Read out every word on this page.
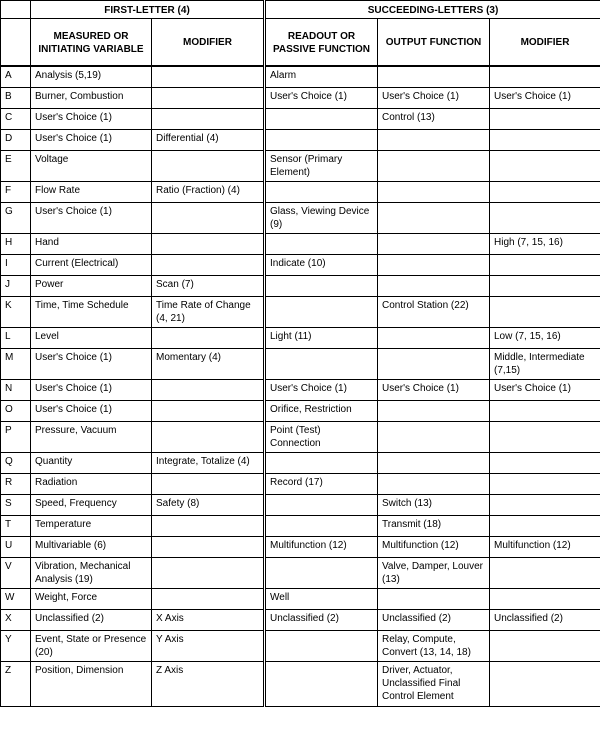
	FIRST-LETTER (4)		SUCCEEDING-LETTERS (3)		
	MEASURED OR INITIATING VARIABLE	MODIFIER	READOUT OR PASSIVE FUNCTION	OUTPUT FUNCTION	MODIFIER
A	Analysis (5,19)		Alarm		
B	Burner, Combustion		User's Choice (1)	User's Choice (1)	User's Choice (1)
C	User's Choice (1)			Control (13)	
D	User's Choice (1)	Differential (4)			
E	Voltage		Sensor (Primary Element)		
F	Flow Rate	Ratio (Fraction) (4)			
G	User's Choice (1)		Glass, Viewing Device (9)		
H	Hand				High (7, 15, 16)
I	Current (Electrical)		Indicate (10)		
J	Power	Scan (7)			
K	Time, Time Schedule	Time Rate of Change (4, 21)		Control Station (22)	
L	Level		Light (11)		Low (7, 15, 16)
M	User's Choice (1)	Momentary (4)			Middle, Intermediate (7,15)
N	User's Choice (1)		User's Choice (1)	User's Choice (1)	User's Choice (1)
O	User's Choice (1)		Orifice, Restriction		
P	Pressure, Vacuum		Point (Test) Connection		
Q	Quantity	Integrate, Totalize (4)			
R	Radiation		Record (17)		
S	Speed, Frequency	Safety (8)		Switch (13)	
T	Temperature			Transmit (18)	
U	Multivariable (6)		Multifunction (12)	Multifunction (12)	Multifunction (12)
V	Vibration, Mechanical Analysis (19)			Valve, Damper, Louver (13)	
W	Weight, Force		Well		
X	Unclassified (2)	X Axis	Unclassified (2)	Unclassified (2)	Unclassified (2)
Y	Event, State or Presence (20)	Y Axis		Relay, Compute, Convert (13, 14, 18)	
Z	Position, Dimension	Z Axis		Driver, Actuator, Unclassified Final Control Element	
